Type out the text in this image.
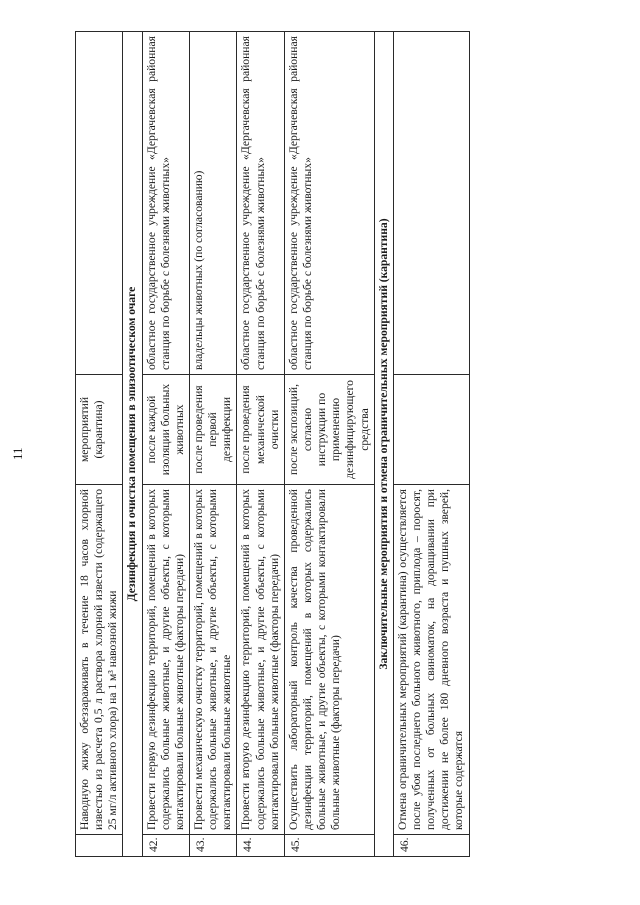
11
	Наводную жижу обеззараживать в течение 18 часов хлорной известью из расчета 0,5 л раствора хлорной извести (содержащего 25 мг/л активного хлора) на 1 м³ навозной жижи	мероприятий (карантина)	
Дезинфекция и очистка помещения в эпизоотическом очаге			
42.	Провести первую дезинфекцию территорий, помещений в которых содержались больные животные, и другие объекты, с которыми контактировали больные животные (факторы передачи)	после каждой изоляции больных животных	областное государственное учреждение «Дергачевская районная станция по борьбе с болезнями животных»
43.	Провести механическую очистку территорий, помещений в которых содержались больные животные, и другие объекты, с которыми контактировали больные животные	после проведения первой дезинфекции	владельцы животных (по согласованию)
44.	Провести вторую дезинфекцию территорий, помещений в которых содержались больные животные, и другие объекты, с которыми контактировали больные животные (факторы передачи)	после проведения механической очистки	областное государственное учреждение «Дергачевская районная станция по борьбе с болезнями животных»
45.	Осуществить лабораторный контроль качества проведенной дезинфекции территорий, помещений в которых содержались больные животные, и другие объекты, с которыми контактировали больные животные (факторы передачи)	после экспозиций, согласно инструкции по применению дезинфицирующего средства	областное государственное учреждение «Дергачевская районная станция по борьбе с болезнями животных»
Заключительные мероприятия и отмена ограничительных мероприятий (карантина)			
46.	Отмена ограничительных мероприятий (карантина) осуществляется после убоя последнего больного животного, приплода – поросят, полученных от больных свиноматок, на доращивании при достижении не более 180 дневного возраста и пушных зверей, которые содержатся		
